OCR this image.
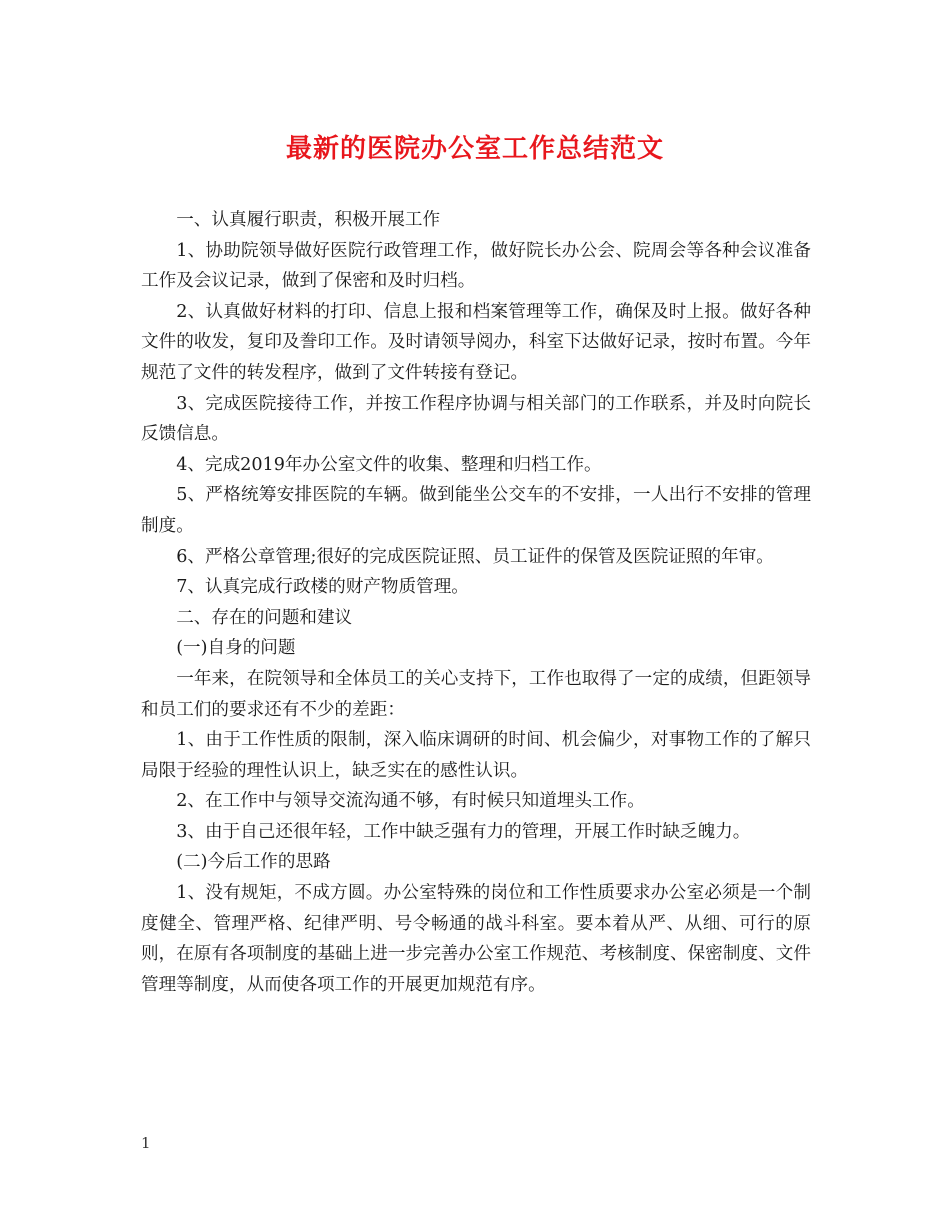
最新的医院办公室工作总结范文

一、认真履行职责，积极开展工作

1、协助院领导做好医院行政管理工作，做好院长办公会、院周会等各种会议准备工作及会议记录，做到了保密和及时归档。

2、认真做好材料的打印、信息上报和档案管理等工作，确保及时上报。做好各种文件的收发，复印及誊印工作。及时请领导阅办，科室下达做好记录，按时布置。今年规范了文件的转发程序，做到了文件转接有登记。

3、完成医院接待工作，并按工作程序协调与相关部门的工作联系，并及时向院长反馈信息。

4、完成2019年办公室文件的收集、整理和归档工作。

5、严格统筹安排医院的车辆。做到能坐公交车的不安排，一人出行不安排的管理制度。

6、严格公章管理;很好的完成医院证照、员工证件的保管及医院证照的年审。

7、认真完成行政楼的财产物质管理。

二、存在的问题和建议

(一)自身的问题

一年来，在院领导和全体员工的关心支持下，工作也取得了一定的成绩，但距领导和员工们的要求还有不少的差距：

1、由于工作性质的限制，深入临床调研的时间、机会偏少，对事物工作的了解只局限于经验的理性认识上，缺乏实在的感性认识。

2、在工作中与领导交流沟通不够，有时候只知道埋头工作。

3、由于自己还很年轻，工作中缺乏强有力的管理，开展工作时缺乏魄力。

(二)今后工作的思路

1、没有规矩，不成方圆。办公室特殊的岗位和工作性质要求办公室必须是一个制度健全、管理严格、纪律严明、号令畅通的战斗科室。要本着从严、从细、可行的原则，在原有各项制度的基础上进一步完善办公室工作规范、考核制度、保密制度、文件管理等制度，从而使各项工作的开展更加规范有序。

1
